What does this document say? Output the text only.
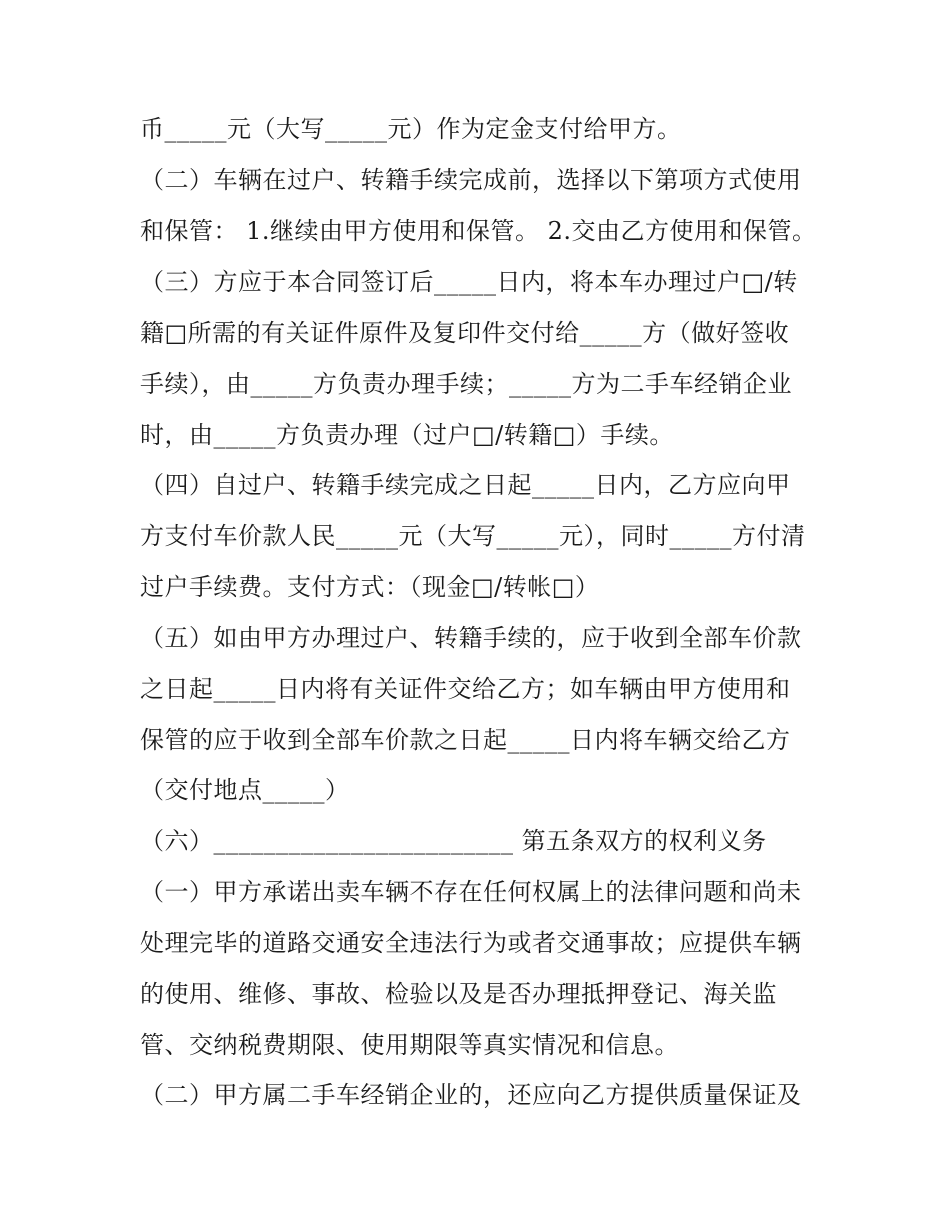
币_____元（大写_____元）作为定金支付给甲方。
（二）车辆在过户、转籍手续完成前，选择以下第项方式使用
和保管： 1.继续由甲方使用和保管。 2.交由乙方使用和保管。
（三）方应于本合同签订后_____日内，将本车办理过户□/转
籍□所需的有关证件原件及复印件交付给_____方（做好签收
手续），由_____方负责办理手续；_____方为二手车经销企业
时，由_____方负责办理（过户□/转籍□）手续。
（四）自过户、转籍手续完成之日起_____日内，乙方应向甲
方支付车价款人民_____元（大写_____元），同时_____方付清
过户手续费。支付方式：（现金□/转帐□）
（五）如由甲方办理过户、转籍手续的，应于收到全部车价款
之日起_____日内将有关证件交给乙方；如车辆由甲方使用和
保管的应于收到全部车价款之日起_____日内将车辆交给乙方
（交付地点_____）
（六）________________________ 第五条双方的权利义务
（一）甲方承诺出卖车辆不存在任何权属上的法律问题和尚未
处理完毕的道路交通安全违法行为或者交通事故；应提供车辆
的使用、维修、事故、检验以及是否办理抵押登记、海关监
管、交纳税费期限、使用期限等真实情况和信息。
（二）甲方属二手车经销企业的，还应向乙方提供质量保证及
